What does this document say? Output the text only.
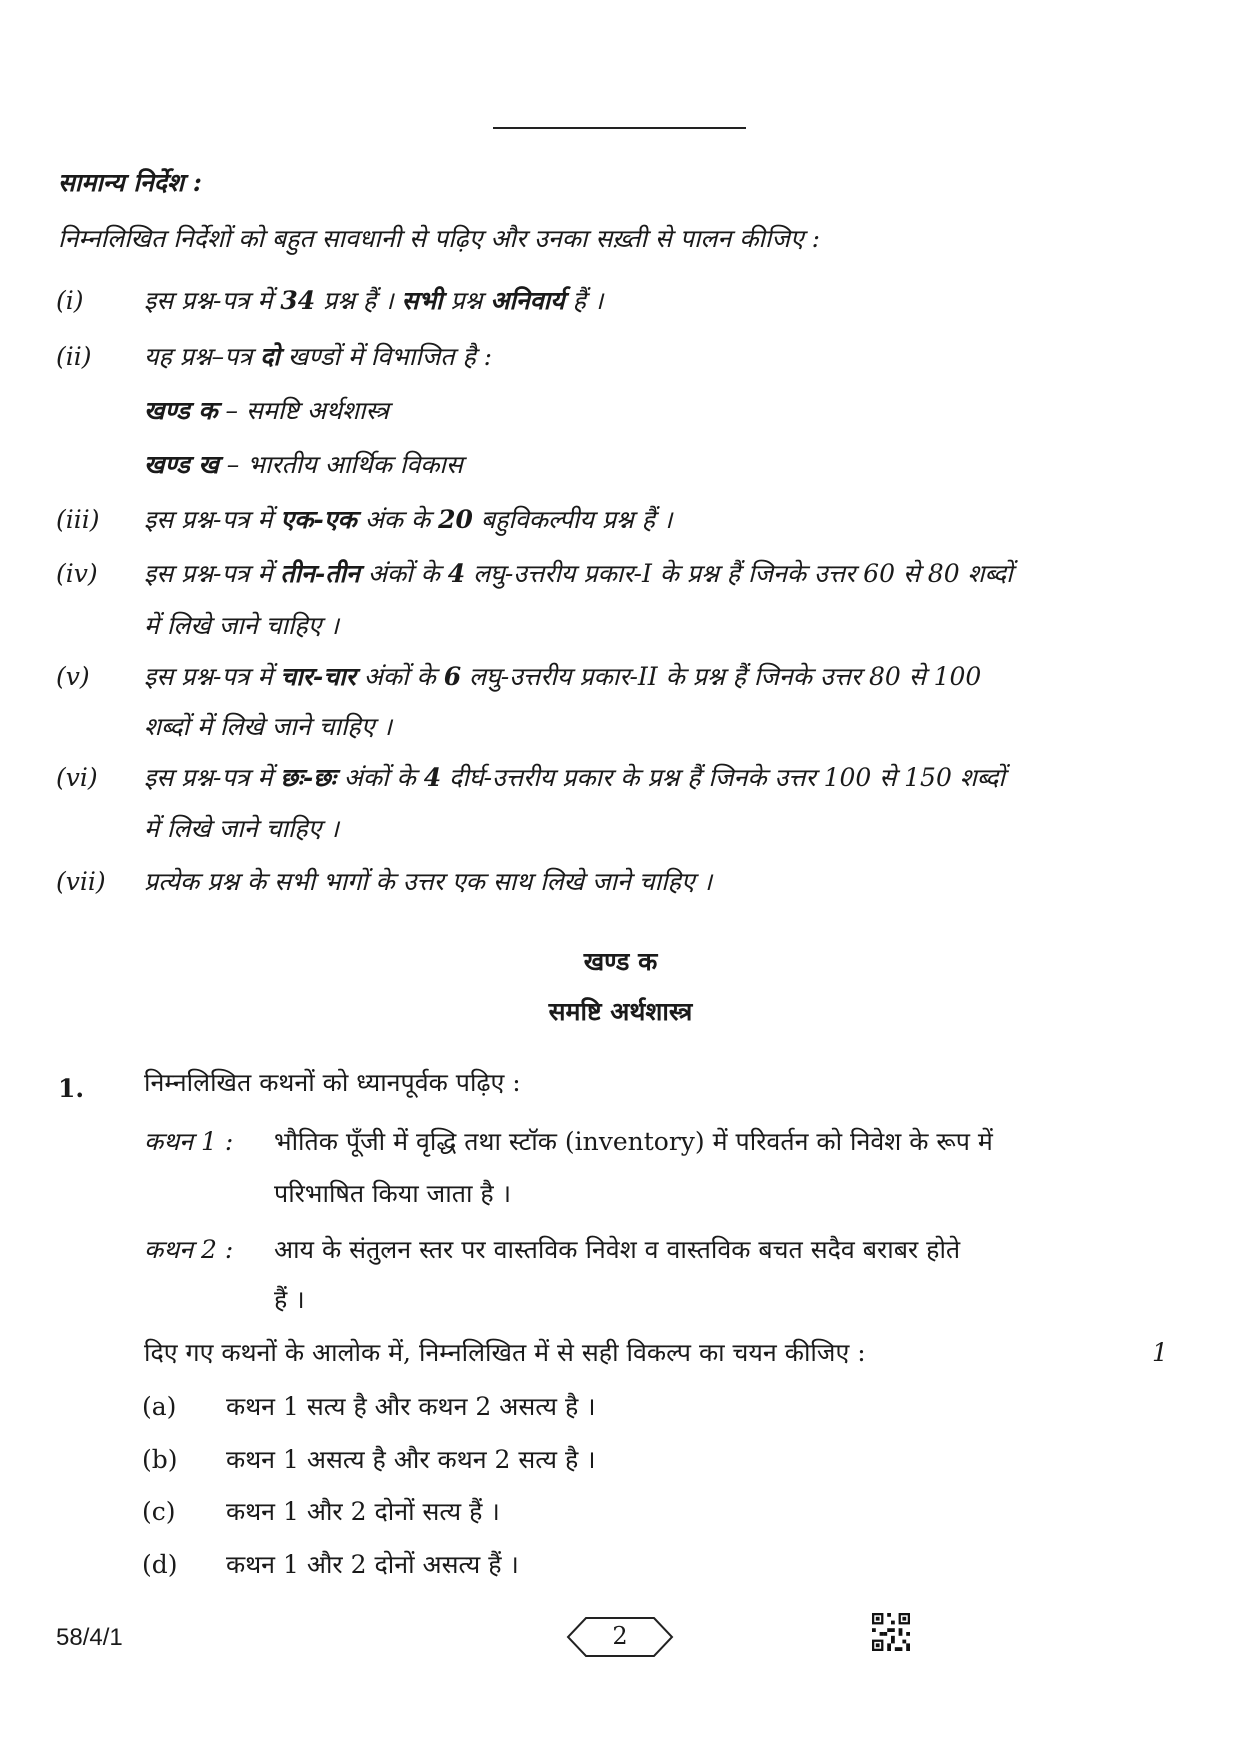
सामान्य निर्देश :
निम्नलिखित निर्देशों को बहुत सावधानी से पढ़िए और उनका सख़्ती से पालन कीजिए :
(i) इस प्रश्न-पत्र में 34 प्रश्न हैं । सभी प्रश्न अनिवार्य हैं ।
(ii) यह प्रश्न–पत्र दो खण्डों में विभाजित है :
खण्ड क – समष्टि अर्थशास्त्र
खण्ड ख – भारतीय आर्थिक विकास
(iii) इस प्रश्न-पत्र में एक-एक अंक के 20 बहुविकल्पीय प्रश्न हैं ।
(iv) इस प्रश्न-पत्र में तीन-तीन अंकों के 4 लघु-उत्तरीय प्रकार-I के प्रश्न हैं जिनके उत्तर 60 से 80 शब्दों
में लिखे जाने चाहिए ।
(v) इस प्रश्न-पत्र में चार-चार अंकों के 6 लघु-उत्तरीय प्रकार-II के प्रश्न हैं जिनके उत्तर 80 से 100
शब्दों में लिखे जाने चाहिए ।
(vi) इस प्रश्न-पत्र में छः-छः अंकों के 4 दीर्घ-उत्तरीय प्रकार के प्रश्न हैं जिनके उत्तर 100 से 150 शब्दों
में लिखे जाने चाहिए ।
(vii) प्रत्येक प्रश्न के सभी भागों के उत्तर एक साथ लिखे जाने चाहिए ।
खण्ड क
समष्टि अर्थशास्त्र
1. निम्नलिखित कथनों को ध्यानपूर्वक पढ़िए :
कथन 1 : भौतिक पूँजी में वृद्धि तथा स्टॉक (inventory) में परिवर्तन को निवेश के रूप में
परिभाषित किया जाता है ।
कथन 2 : आय के संतुलन स्तर पर वास्तविक निवेश व वास्तविक बचत सदैव बराबर होते
हैं ।
दिए गए कथनों के आलोक में, निम्नलिखित में से सही विकल्प का चयन कीजिए :	1
(a) कथन 1 सत्य है और कथन 2 असत्य है ।
(b) कथन 1 असत्य है और कथन 2 सत्य है ।
(c) कथन 1 और 2 दोनों सत्य हैं ।
(d) कथन 1 और 2 दोनों असत्य हैं ।
58/4/1	2
